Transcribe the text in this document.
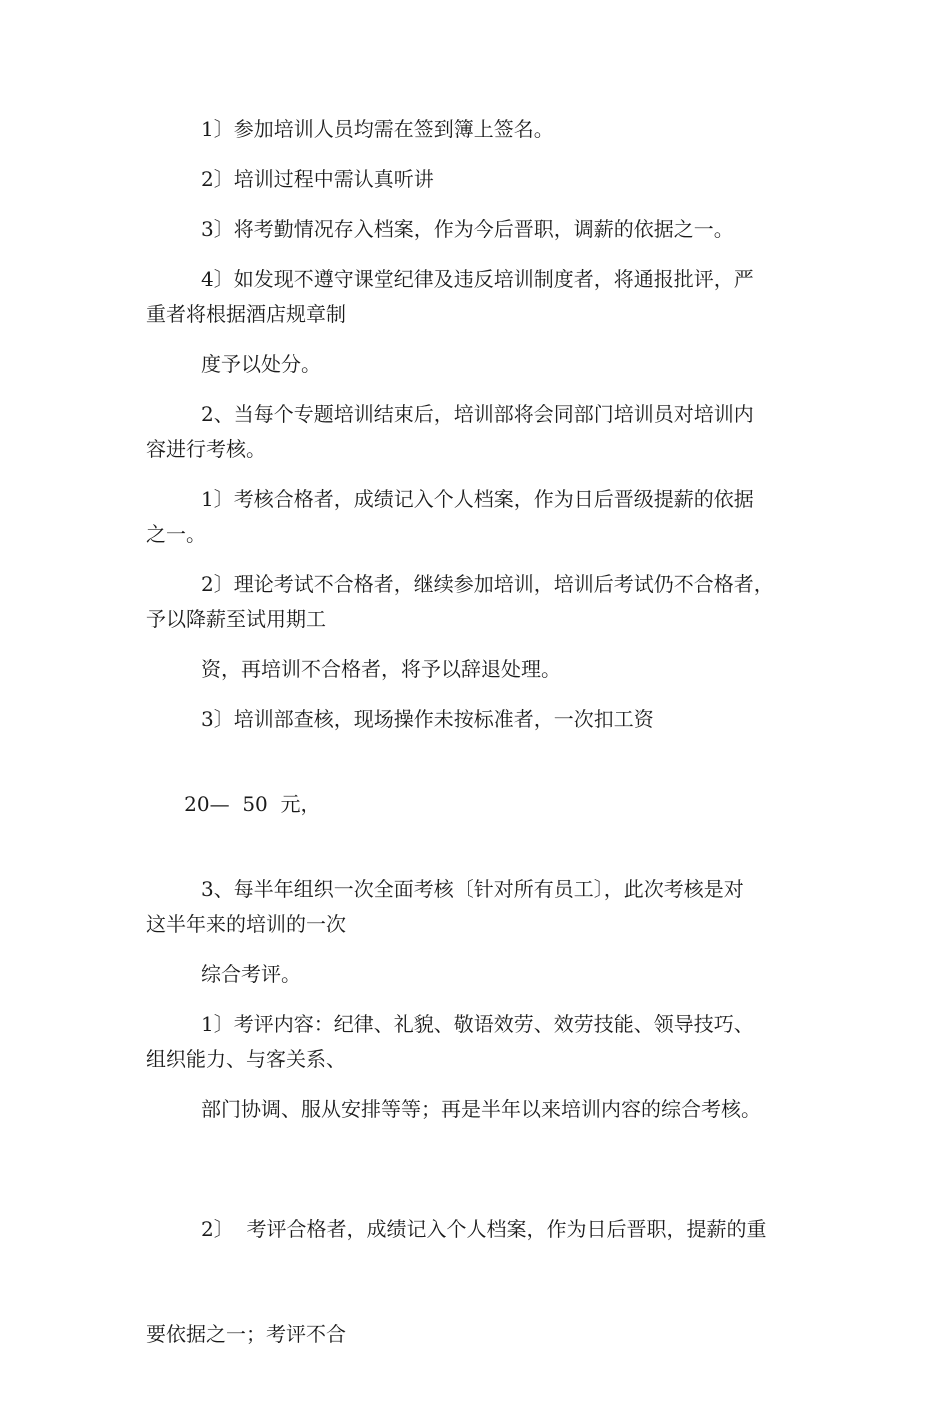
1〕参加培训人员均需在签到簿上签名。

2〕培训过程中需认真听讲

3〕将考勤情况存入档案，作为今后晋职，调薪的依据之一。

4〕如发现不遵守课堂纪律及违反培训制度者，将通报批评，严
重者将根据酒店规章制

度予以处分。

2、当每个专题培训结束后，培训部将会同部门培训员对培训内
容进行考核。

1〕考核合格者，成绩记入个人档案，作为日后晋级提薪的依据
之一。

2〕理论考试不合格者，继续参加培训，培训后考试仍不合格者，
予以降薪至试用期工

资，再培训不合格者，将予以辞退处理。

3〕培训部查核，现场操作未按标准者，一次扣工资

20—  50  元，

3、每半年组织一次全面考核〔针对所有员工〕，此次考核是对
这半年来的培训的一次

综合考评。

1〕考评内容：纪律、礼貌、敬语效劳、效劳技能、领导技巧、
组织能力、与客关系、

部门协调、服从安排等等；再是半年以来培训内容的综合考核。

2〕  考评合格者，成绩记入个人档案，作为日后晋职，提薪的重

要依据之一；考评不合
